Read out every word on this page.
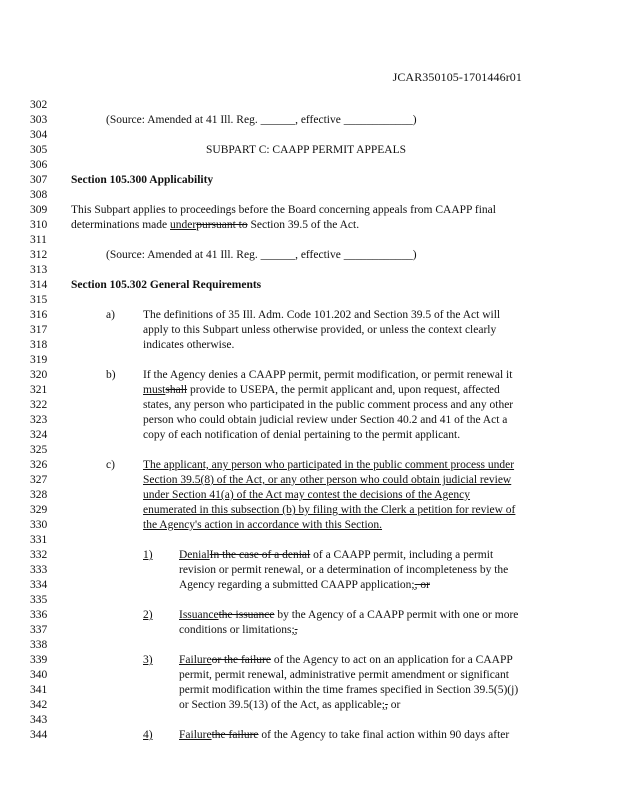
JCAR350105-1701446r01
302
303
304
305
306
307
308
309
310
311
312
313
314
315
316
317
318
319
320
321
322
323
324
325
326
327
328
329
330
331
332
333
334
335
336
337
338
339
340
341
342
343
344
(Source: Amended at 41 Ill. Reg. ______, effective ____________)
SUBPART C: CAAPP PERMIT APPEALS
Section 105.300 Applicability
This Subpart applies to proceedings before the Board concerning appeals from CAAPP final
determinations made underpursuant to Section 39.5 of the Act.
(Source: Amended at 41 Ill. Reg. ______, effective ____________)
Section 105.302 General Requirements
a) The definitions of 35 Ill. Adm. Code 101.202 and Section 39.5 of the Act will
apply to this Subpart unless otherwise provided, or unless the context clearly
indicates otherwise.
b) If the Agency denies a CAAPP permit, permit modification, or permit renewal it
mustshall provide to USEPA, the permit applicant and, upon request, affected
states, any person who participated in the public comment process and any other
person who could obtain judicial review under Section 40.2 and 41 of the Act a
copy of each notification of denial pertaining to the permit applicant.
c) The applicant, any person who participated in the public comment process under
Section 39.5(8) of the Act, or any other person who could obtain judicial review
under Section 41(a) of the Act may contest the decisions of the Agency
enumerated in this subsection (b) by filing with the Clerk a petition for review of
the Agency's action in accordance with this Section.
1) DenialIn the case of a denial of a CAAPP permit, including a permit
revision or permit renewal, or a determination of incompleteness by the
Agency regarding a submitted CAAPP application;, or
2) Issuancethe issuance by the Agency of a CAAPP permit with one or more
conditions or limitations;,
3) Failureor the failure of the Agency to act on an application for a CAAPP
permit, permit renewal, administrative permit amendment or significant
permit modification within the time frames specified in Section 39.5(5)(j)
or Section 39.5(13) of the Act, as applicable;, or
4) Failurethe failure of the Agency to take final action within 90 days after
